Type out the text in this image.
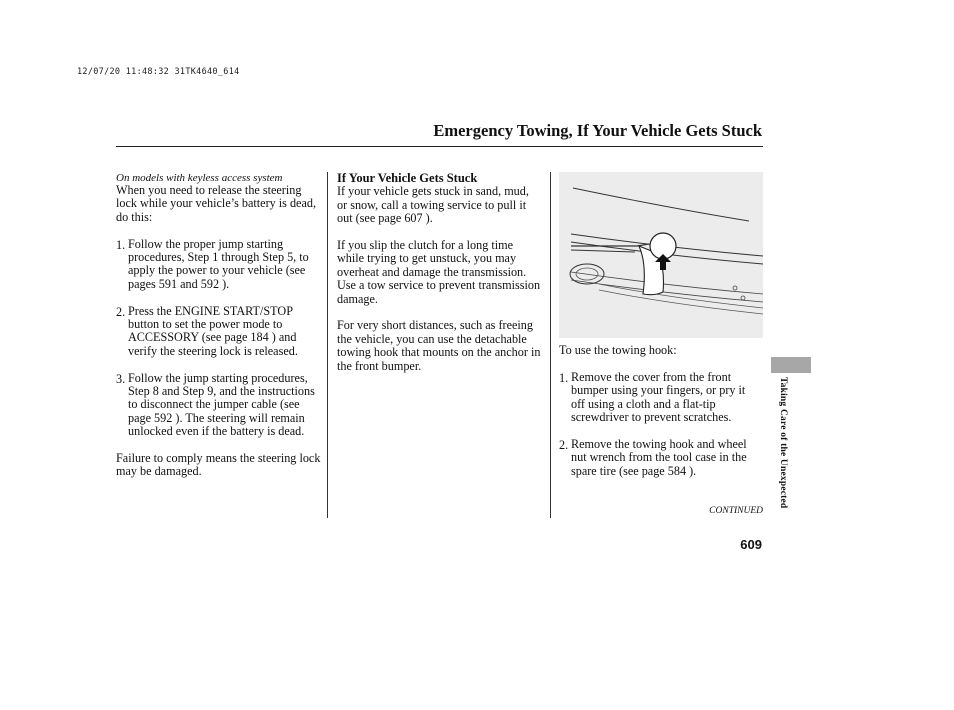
12/07/20 11:48:32 31TK4640_614
Emergency Towing, If Your Vehicle Gets Stuck
On models with keyless access system

When you need to release the steering lock while your vehicle’s battery is dead, do this:

1. Follow the proper jump starting procedures, Step 1 through Step 5, to apply the power to your vehicle (see pages 591 and 592 ).
2. Press the ENGINE START/STOP button to set the power mode to ACCESSORY (see page 184 ) and verify the steering lock is released.
3. Follow the jump starting procedures, Step 8 and Step 9, and the instructions to disconnect the jumper cable (see page 592 ). The steering will remain unlocked even if the battery is dead.

Failure to comply means the steering lock may be damaged.

If Your Vehicle Gets Stuck

If your vehicle gets stuck in sand, mud, or snow, call a towing service to pull it out (see page 607 ).

If you slip the clutch for a long time while trying to get unstuck, you may overheat and damage the transmission. Use a tow service to prevent transmission damage.

For very short distances, such as freeing the vehicle, you can use the detachable towing hook that mounts on the anchor in the front bumper.

To use the towing hook:

1. Remove the cover from the front bumper using your fingers, or pry it off using a cloth and a flat-tip screwdriver to prevent scratches.
2. Remove the towing hook and wheel nut wrench from the tool case in the spare tire (see page 584 ).
CONTINUED
Taking Care of the Unexpected
609
